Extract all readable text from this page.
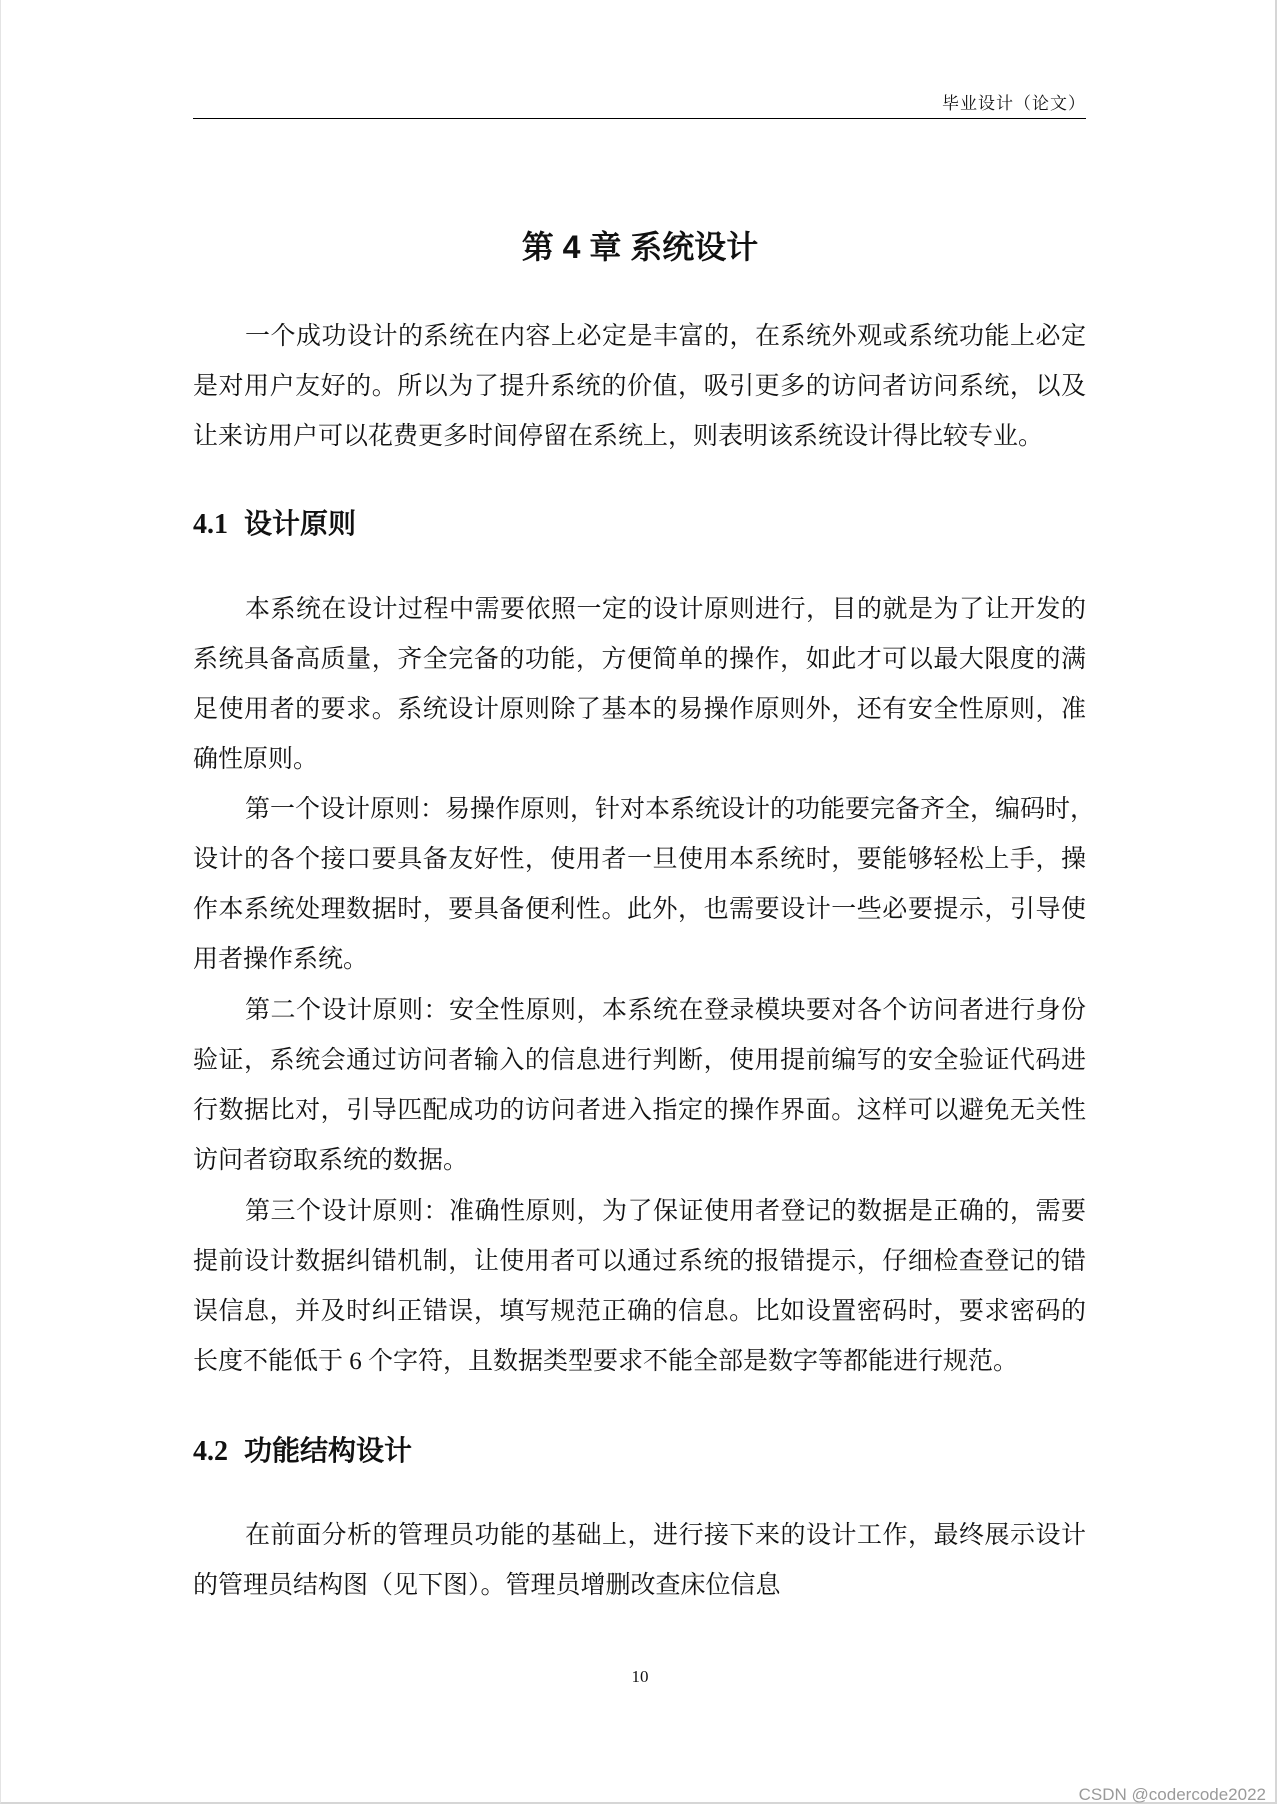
毕业设计（论文）
第 4 章 系统设计
一个成功设计的系统在内容上必定是丰富的，在系统外观或系统功能上必定
是对用户友好的。所以为了提升系统的价值，吸引更多的访问者访问系统，以及
让来访用户可以花费更多时间停留在系统上，则表明该系统设计得比较专业。
4.1 设计原则
本系统在设计过程中需要依照一定的设计原则进行，目的就是为了让开发的
系统具备高质量，齐全完备的功能，方便简单的操作，如此才可以最大限度的满
足使用者的要求。系统设计原则除了基本的易操作原则外，还有安全性原则，准
确性原则。
第一个设计原则：易操作原则，针对本系统设计的功能要完备齐全，编码时，
设计的各个接口要具备友好性，使用者一旦使用本系统时，要能够轻松上手，操
作本系统处理数据时，要具备便利性。此外，也需要设计一些必要提示，引导使
用者操作系统。
第二个设计原则：安全性原则，本系统在登录模块要对各个访问者进行身份
验证，系统会通过访问者输入的信息进行判断，使用提前编写的安全验证代码进
行数据比对，引导匹配成功的访问者进入指定的操作界面。这样可以避免无关性
访问者窃取系统的数据。
第三个设计原则：准确性原则，为了保证使用者登记的数据是正确的，需要
提前设计数据纠错机制，让使用者可以通过系统的报错提示，仔细检查登记的错
误信息，并及时纠正错误，填写规范正确的信息。比如设置密码时，要求密码的
长度不能低于 6 个字符，且数据类型要求不能全部是数字等都能进行规范。
4.2 功能结构设计
在前面分析的管理员功能的基础上，进行接下来的设计工作，最终展示设计
的管理员结构图（见下图）。管理员增删改查床位信息
10
CSDN @codercode2022
